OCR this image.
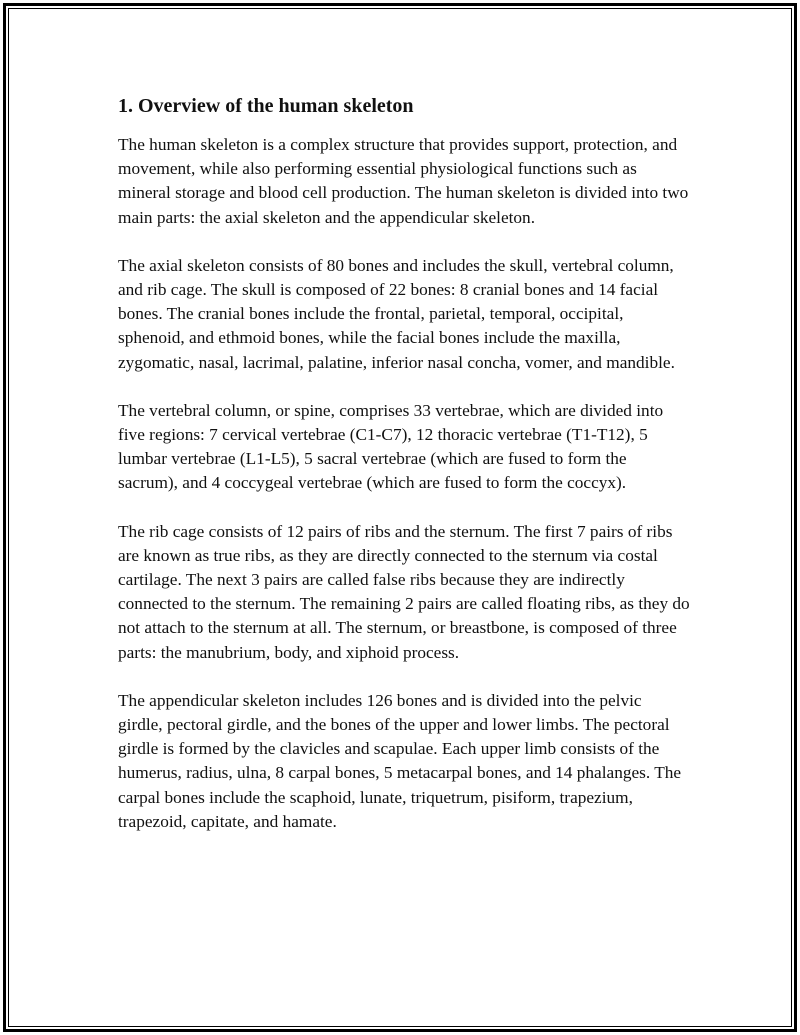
1. Overview of the human skeleton

The human skeleton is a complex structure that provides support, protection, and movement, while also performing essential physiological functions such as mineral storage and blood cell production. The human skeleton is divided into two main parts: the axial skeleton and the appendicular skeleton.

The axial skeleton consists of 80 bones and includes the skull, vertebral column, and rib cage. The skull is composed of 22 bones: 8 cranial bones and 14 facial bones. The cranial bones include the frontal, parietal, temporal, occipital, sphenoid, and ethmoid bones, while the facial bones include the maxilla, zygomatic, nasal, lacrimal, palatine, inferior nasal concha, vomer, and mandible.

The vertebral column, or spine, comprises 33 vertebrae, which are divided into five regions: 7 cervical vertebrae (C1-C7), 12 thoracic vertebrae (T1-T12), 5 lumbar vertebrae (L1-L5), 5 sacral vertebrae (which are fused to form the sacrum), and 4 coccygeal vertebrae (which are fused to form the coccyx).

The rib cage consists of 12 pairs of ribs and the sternum. The first 7 pairs of ribs are known as true ribs, as they are directly connected to the sternum via costal cartilage. The next 3 pairs are called false ribs because they are indirectly connected to the sternum. The remaining 2 pairs are called floating ribs, as they do not attach to the sternum at all. The sternum, or breastbone, is composed of three parts: the manubrium, body, and xiphoid process.

The appendicular skeleton includes 126 bones and is divided into the pelvic girdle, pectoral girdle, and the bones of the upper and lower limbs. The pectoral girdle is formed by the clavicles and scapulae. Each upper limb consists of the humerus, radius, ulna, 8 carpal bones, 5 metacarpal bones, and 14 phalanges. The carpal bones include the scaphoid, lunate, triquetrum, pisiform, trapezium, trapezoid, capitate, and hamate.
